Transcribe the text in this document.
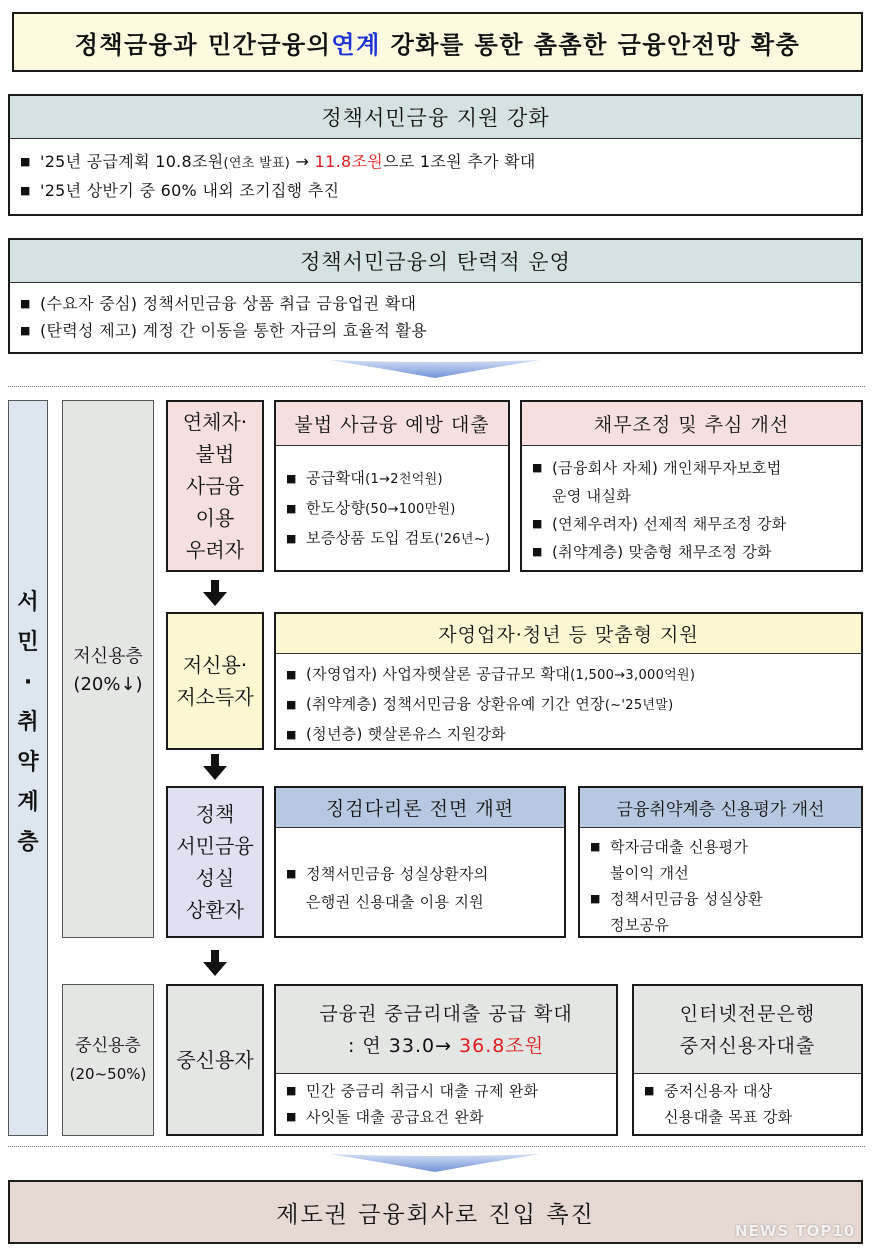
정책금융과 민간금융의 연계 강화를 통한 촘촘한 금융안전망 확충
정책서민금융 지원 강화
■ '25년 공급계획 10.8조원(연초 발표) → 11.8조원으로 1조원 추가 확대
■ '25년 상반기 중 60% 내외 조기집행 추진
정책서민금융의 탄력적 운영
■ (수요자 중심) 정책서민금융 상품 취급 금융업권 확대
■ (탄력성 제고) 계정 간 이동을 통한 자금의 효율적 활용
서
민
·
취
약
계
층
저신용층
(20%↓)
중신용층
(20~50%)
연체자·
불법
사금융
이용
우려자
저신용·
저소득자
정책
서민금융
성실
상환자
중신용자
불법 사금융 예방 대출
■ 공급확대(1→2천억원)
■ 한도상향(50→100만원)
■ 보증상품 도입 검토('26년~)
채무조정 및 추심 개선
■ (금융회사 자체) 개인채무자보호법
운영 내실화
■ (연체우려자) 선제적 채무조정 강화
■ (취약계층) 맞춤형 채무조정 강화
자영업자·청년 등 맞춤형 지원
■ (자영업자) 사업자햇살론 공급규모 확대(1,500→3,000억원)
■ (취약계층) 정책서민금융 상환유예 기간 연장(~'25년말)
■ (청년층) 햇살론유스 지원강화
징검다리론 전면 개편
■ 정책서민금융 성실상환자의
은행권 신용대출 이용 지원
금융취약계층 신용평가 개선
■ 학자금대출 신용평가
불이익 개선
■ 정책서민금융 성실상환
정보공유
금융권 중금리대출 공급 확대
: 연 33.0→ 36.8조원
■ 민간 중금리 취급시 대출 규제 완화
■ 사잇돌 대출 공급요건 완화
인터넷전문은행
중저신용자대출
■ 중저신용자 대상
신용대출 목표 강화
제도권 금융회사로 진입 촉진
NEWS TOP10
